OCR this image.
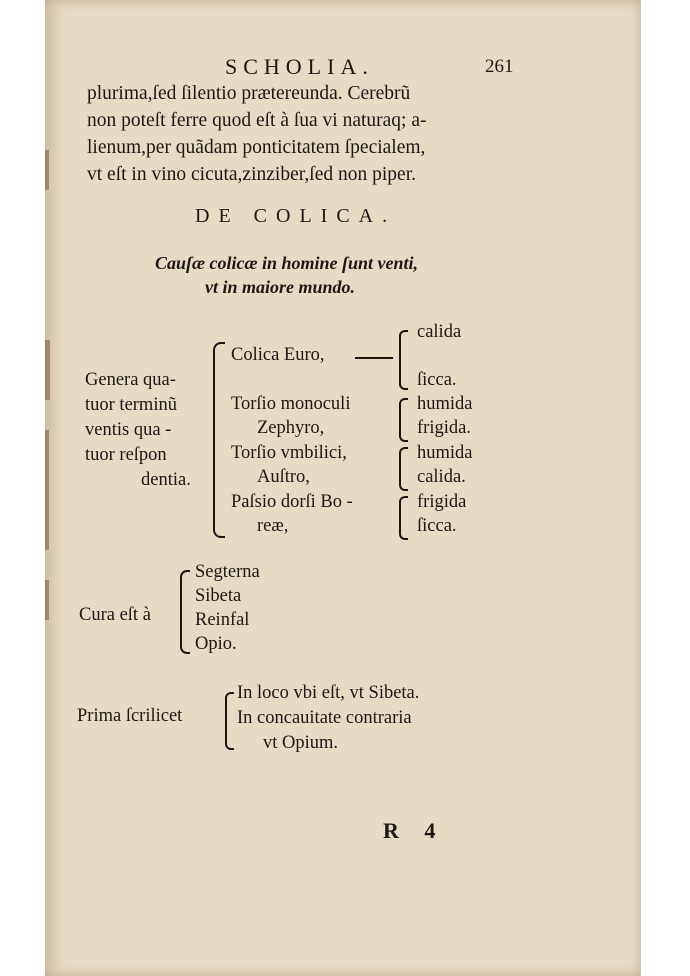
SCHOLIA.	261
plurima,ſed ſilentio prætereunda. Cerebrũ
non poteſt ferre quod eſt à ſua vi naturaq; a-
lienum,per quãdam ponticitatem ſpecialem,
vt eſt in vino cicuta,zinziber,ſed non piper.
DE COLICA.
Cauſæ colicæ in homine ſunt venti,
vt in maiore mundo.
Genera qua-
tuor terminũ
ventis qua -
tuor reſpon
dentia.
Colica Euro,
Torſio monoculi
Zephyro,
Torſio vmbilici,
Auſtro,
Paſsio dorſi Bo -
reæ,
calida
ſicca.
humida
frigida.
humida
calida.
frigida
ſicca.
Cura eſt à
Segterna
Sibeta
Reinfal
Opio.
Prima ſcrilicet
In loco vbi eſt, vt Sibeta.
In concauitate contraria
vt Opium.
R 4
